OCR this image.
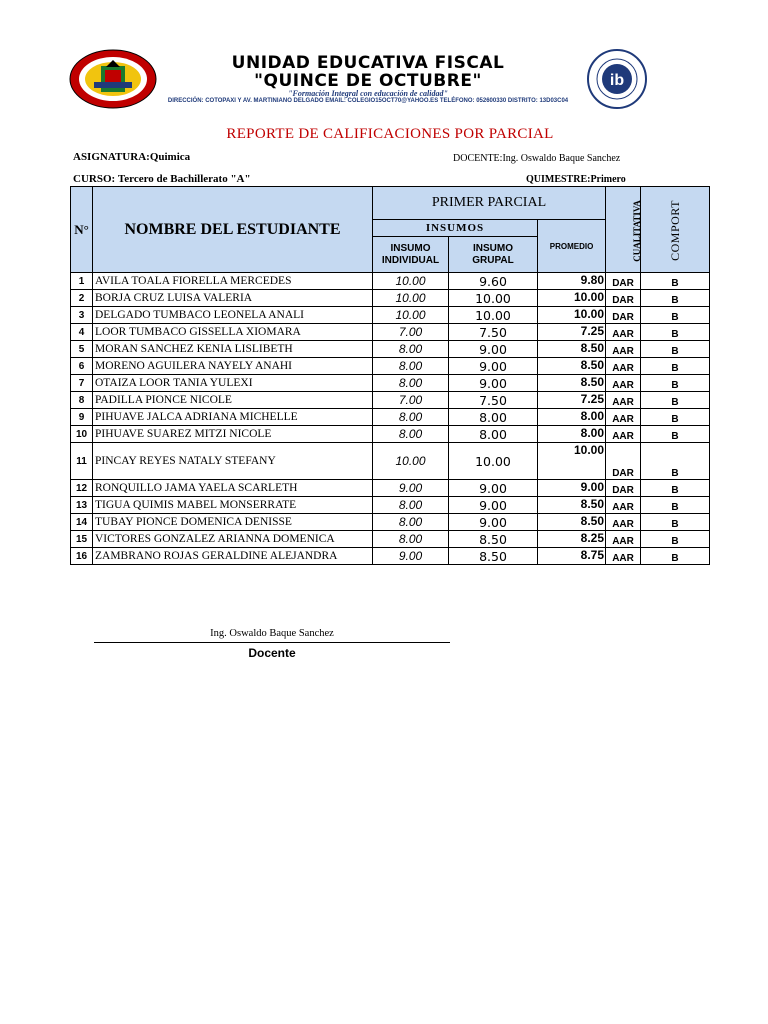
UNIDAD EDUCATIVA FISCAL
"QUINCE DE OCTUBRE"
"Formación Integral con educación de calidad"
DIRECCIÓN: COTOPAXI Y AV. MARTINIANO DELGADO EMAIL: COLEGIO15OCT70@YAHOO.ES TELÉFONO: 052600330 DISTRITO: 13D03C04
ib
REPORTE DE CALIFICACIONES POR PARCIAL
ASIGNATURA:Quimica	DOCENTE:Ing. Oswaldo Baque Sanchez
CURSO: Tercero de Bachillerato "A"	QUIMESTRE:Primero
N°	NOMBRE DEL ESTUDIANTE	PRIMER PARCIAL			CUALITATIVA	COMPORT
		INSUMOS		PROMEDIO		
		INSUMO
INDIVIDUAL	INSUMO
GRUPAL			
1	AVILA TOALA FIORELLA MERCEDES	10.00	9.60	9.80	DAR	B
2	BORJA CRUZ LUISA VALERIA	10.00	10.00	10.00	DAR	B
3	DELGADO TUMBACO LEONELA ANALI	10.00	10.00	10.00	DAR	B
4	LOOR TUMBACO GISSELLA XIOMARA	7.00	7.50	7.25	AAR	B
5	MORAN SANCHEZ KENIA LISLIBETH	8.00	9.00	8.50	AAR	B
6	MORENO AGUILERA NAYELY ANAHI	8.00	9.00	8.50	AAR	B
7	OTAIZA LOOR TANIA YULEXI	8.00	9.00	8.50	AAR	B
8	PADILLA PIONCE NICOLE	7.00	7.50	7.25	AAR	B
9	PIHUAVE JALCA ADRIANA MICHELLE	8.00	8.00	8.00	AAR	B
10	PIHUAVE SUAREZ MITZI NICOLE	8.00	8.00	8.00	AAR	B
11	PINCAY REYES NATALY STEFANY	10.00	10.00	10.00	DAR	B
12	RONQUILLO JAMA YAELA SCARLETH	9.00	9.00	9.00	DAR	B
13	TIGUA QUIMIS MABEL MONSERRATE	8.00	9.00	8.50	AAR	B
14	TUBAY PIONCE DOMENICA DENISSE	8.00	9.00	8.50	AAR	B
15	VICTORES GONZALEZ ARIANNA DOMENICA	8.00	8.50	8.25	AAR	B
16	ZAMBRANO ROJAS GERALDINE ALEJANDRA	9.00	8.50	8.75	AAR	B
Ing. Oswaldo Baque Sanchez
Docente
